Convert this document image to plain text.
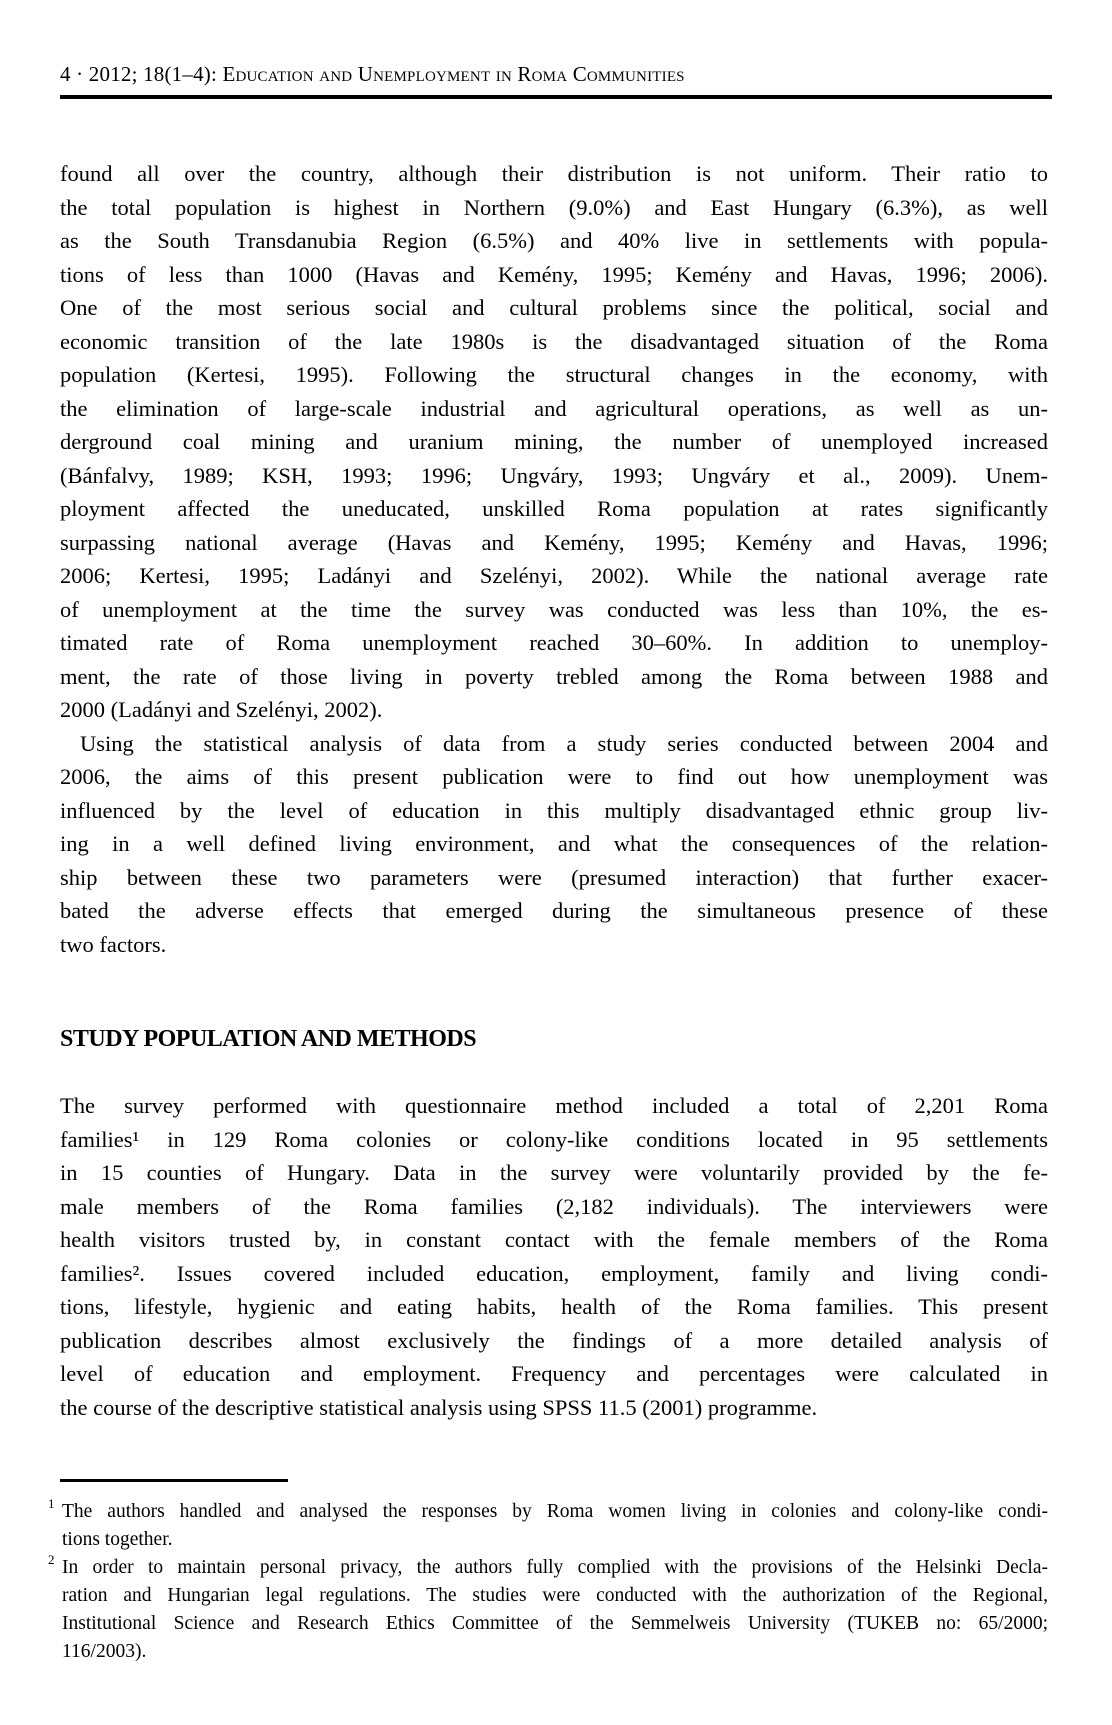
4 · 2012; 18(1–4): Education and Unemployment in Roma Communities
found all over the country, although their distribution is not uniform. Their ratio to
the total population is highest in Northern (9.0%) and East Hungary (6.3%), as well
as the South Transdanubia Region (6.5%) and 40% live in settlements with popula-
tions of less than 1000 (Havas and Kemény, 1995; Kemény and Havas, 1996; 2006).
One of the most serious social and cultural problems since the political, social and
economic transition of the late 1980s is the disadvantaged situation of the Roma
population (Kertesi, 1995). Following the structural changes in the economy, with
the elimination of large-scale industrial and agricultural operations, as well as un-
derground coal mining and uranium mining, the number of unemployed increased
(Bánfalvy, 1989; KSH, 1993; 1996; Ungváry, 1993; Ungváry et al., 2009). Unem-
ployment affected the uneducated, unskilled Roma population at rates significantly
surpassing national average (Havas and Kemény, 1995; Kemény and Havas, 1996;
2006; Kertesi, 1995; Ladányi and Szelényi, 2002). While the national average rate
of unemployment at the time the survey was conducted was less than 10%, the es-
timated rate of Roma unemployment reached 30–60%. In addition to unemploy-
ment, the rate of those living in poverty trebled among the Roma between 1988 and
2000 (Ladányi and Szelényi, 2002).
Using the statistical analysis of data from a study series conducted between 2004 and
2006, the aims of this present publication were to find out how unemployment was
influenced by the level of education in this multiply disadvantaged ethnic group liv-
ing in a well defined living environment, and what the consequences of the relation-
ship between these two parameters were (presumed interaction) that further exacer-
bated the adverse effects that emerged during the simultaneous presence of these
two factors.
STUDY POPULATION AND METHODS
The survey performed with questionnaire method included a total of 2,201 Roma
families¹ in 129 Roma colonies or colony-like conditions located in 95 settlements
in 15 counties of Hungary. Data in the survey were voluntarily provided by the fe-
male members of the Roma families (2,182 individuals). The interviewers were
health visitors trusted by, in constant contact with the female members of the Roma
families². Issues covered included education, employment, family and living condi-
tions, lifestyle, hygienic and eating habits, health of the Roma families. This present
publication describes almost exclusively the findings of a more detailed analysis of
level of education and employment. Frequency and percentages were calculated in
the course of the descriptive statistical analysis using SPSS 11.5 (2001) programme.
1 The authors handled and analysed the responses by Roma women living in colonies and colony-like condi-
tions together.
2 In order to maintain personal privacy, the authors fully complied with the provisions of the Helsinki Decla-
ration and Hungarian legal regulations. The studies were conducted with the authorization of the Regional,
Institutional Science and Research Ethics Committee of the Semmelweis University (TUKEB no: 65/2000;
116/2003).
